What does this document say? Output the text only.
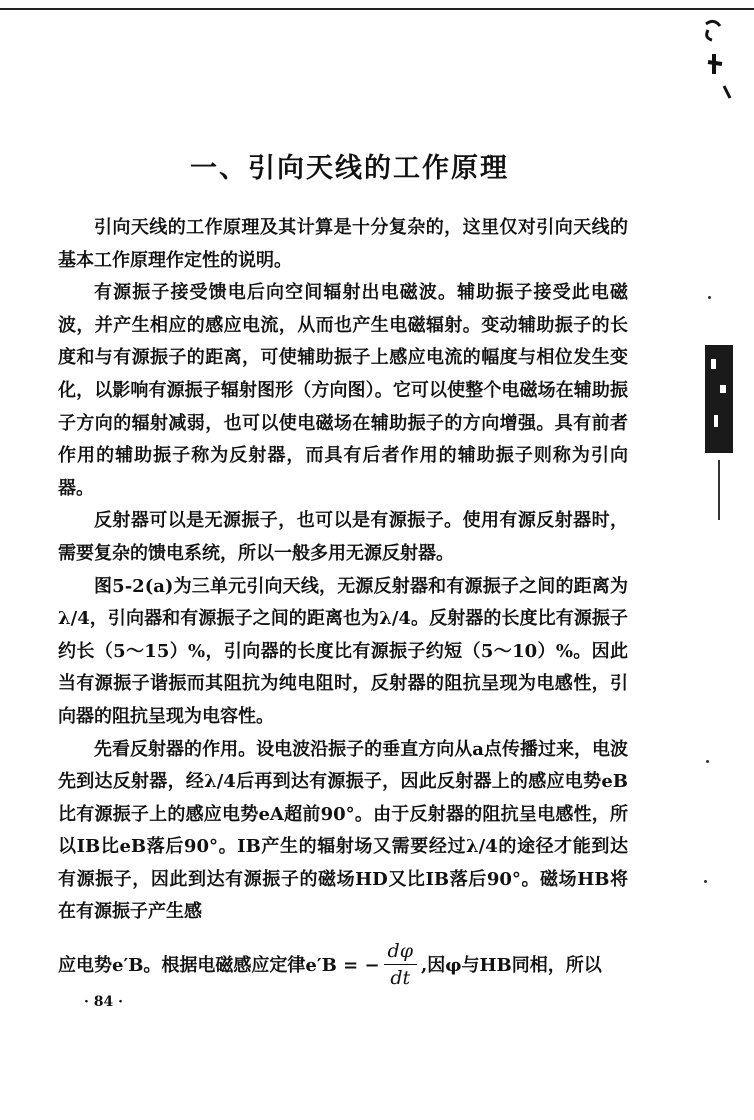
一、引向天线的工作原理

引向天线的工作原理及其计算是十分复杂的，这里仅对引向天线的基本工作原理作定性的说明。

有源振子接受馈电后向空间辐射出电磁波。辅助振子接受此电磁波，并产生相应的感应电流，从而也产生电磁辐射。变动辅助振子的长度和与有源振子的距离，可使辅助振子上感应电流的幅度与相位发生变化，以影响有源振子辐射图形（方向图）。它可以使整个电磁场在辅助振子方向的辐射减弱，也可以使电磁场在辅助振子的方向增强。具有前者作用的辅助振子称为反射器，而具有后者作用的辅助振子则称为引向器。

反射器可以是无源振子，也可以是有源振子。使用有源反射器时，需要复杂的馈电系统，所以一般多用无源反射器。

图5-2(a)为三单元引向天线，无源反射器和有源振子之间的距离为λ/4，引向器和有源振子之间的距离也为λ/4。反射器的长度比有源振子约长（5～15）%，引向器的长度比有源振子约短（5～10）%。因此当有源振子谐振而其阻抗为纯电阻时，反射器的阻抗呈现为电感性，引向器的阻抗呈现为电容性。

先看反射器的作用。设电波沿振子的垂直方向从a点传播过来，电波先到达反射器，经λ/4后再到达有源振子，因此反射器上的感应电势eB比有源振子上的感应电势eA超前90°。由于反射器的阻抗呈电感性，所以IB比eB落后90°。IB产生的辐射场又需要经过λ/4的途径才能到达有源振子，因此到达有源振子的磁场HD又比IB落后90°。磁场HB将在有源振子产生感

应电势e′B。根据电磁感应定律e′B = − $\frac{d\varphi}{dt}$ ,因φ与HB同相，所以

· 84 ·
